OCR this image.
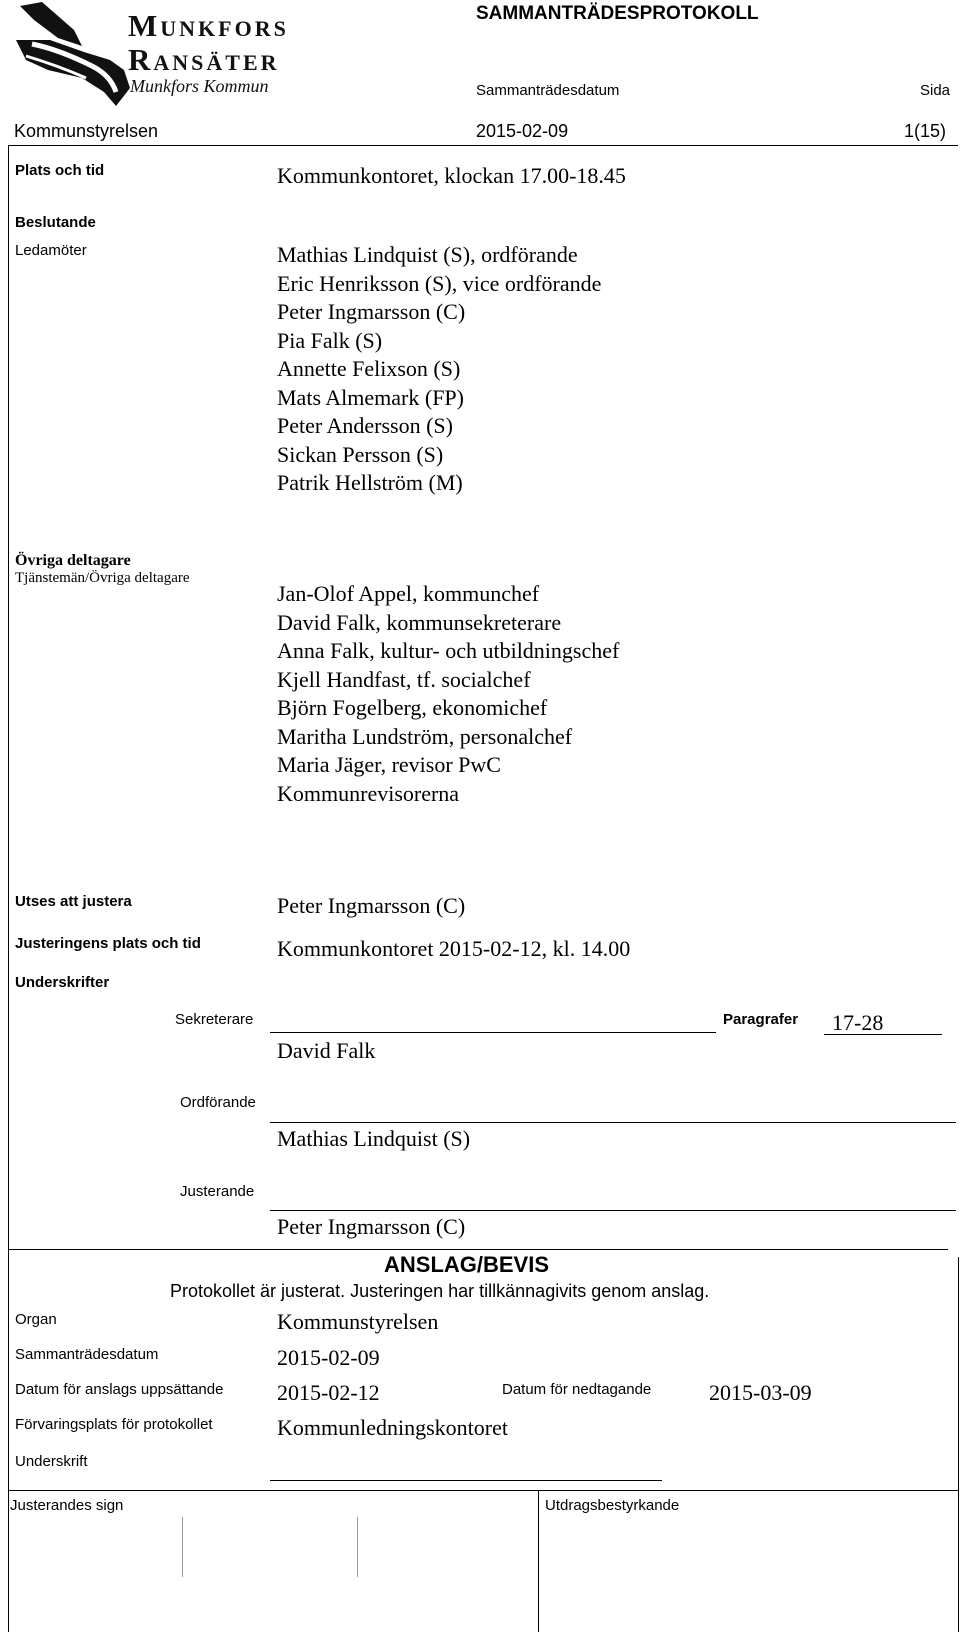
Munkfors
Ransäter
Munkfors Kommun
SAMMANTRÄDESPROTOKOLL
Sammanträdesdatum	Sida
Kommunstyrelsen	2015-02-09	1(15)
Plats och tid	Kommunkontoret, klockan 17.00-18.45
Beslutande
Ledamöter	Mathias Lindquist (S), ordförande
Eric Henriksson (S), vice ordförande
Peter Ingmarsson (C)
Pia Falk (S)
Annette Felixson (S)
Mats Almemark (FP)
Peter Andersson (S)
Sickan Persson (S)
Patrik Hellström (M)
Övriga deltagare
Tjänstemän/Övriga deltagare
Jan-Olof Appel, kommunchef
David Falk, kommunsekreterare
Anna Falk, kultur- och utbildningschef
Kjell Handfast, tf. socialchef
Björn Fogelberg, ekonomichef
Maritha Lundström, personalchef
Maria Jäger, revisor PwC
Kommunrevisorerna
Utses att justera	Peter Ingmarsson (C)
Justeringens plats och tid	Kommunkontoret 2015-02-12, kl. 14.00
Underskrifter
Sekreterare
David Falk
Paragrafer 17-28
Ordförande
Mathias Lindquist (S)
Justerande
Peter Ingmarsson (C)
ANSLAG/BEVIS
Protokollet är justerat. Justeringen har tillkännagivits genom anslag.
Organ	Kommunstyrelsen
Sammanträdesdatum	2015-02-09
Datum för anslags uppsättande 2015-02-12	Datum för nedtagande	2015-03-09
Förvaringsplats för protokollet	Kommunledningskontoret
Underskrift
Justerandes sign	Utdragsbestyrkande
